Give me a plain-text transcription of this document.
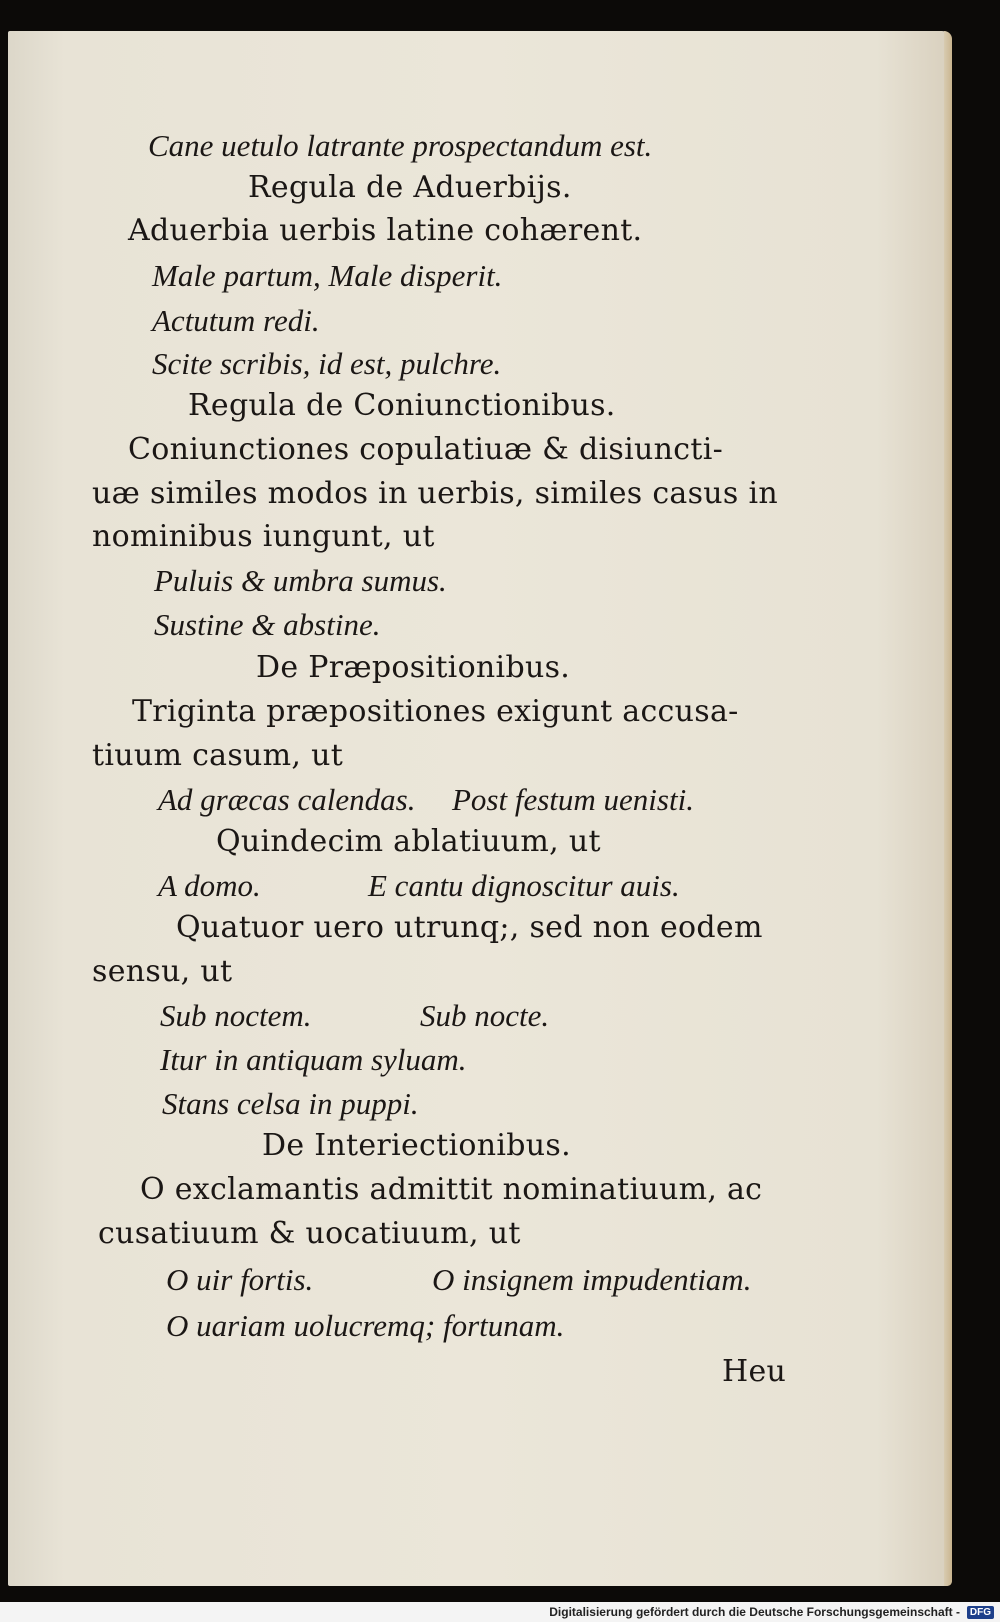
Cane uetulo latrante prospectandum est.
Regula de Aduerbijs.
Aduerbia uerbis latine cohærent.
Male partum, Male disperit.
Actutum redi.
Scite scribis, id est, pulchre.
Regula de Coniunctionibus.
Coniunctiones copulatiuæ & disiuncti-
uæ similes modos in uerbis, similes casus in
nominibus iungunt, ut
Puluis & umbra sumus.
Sustine & abstine.
De Præpositionibus.
Triginta præpositiones exigunt accusa-
tiuum casum, ut
Ad græcas calendas. Post festum uenisti.
Quindecim ablatiuum, ut
A domo.	E cantu dignoscitur auis.
Quatuor uero utrunq;, sed non eodem
sensu, ut
Sub noctem.	Sub nocte.
Itur in antiquam syluam.
Stans celsa in puppi.
De Interiectionibus.
O exclamantis admittit nominatiuum, ac
cusatiuum & uocatiuum, ut
O uir fortis.	O insignem impudentiam.
O uariam uolucremq; fortunam.
Heu
Digitalisierung gefördert durch die Deutsche Forschungsgemeinschaft - DFG
